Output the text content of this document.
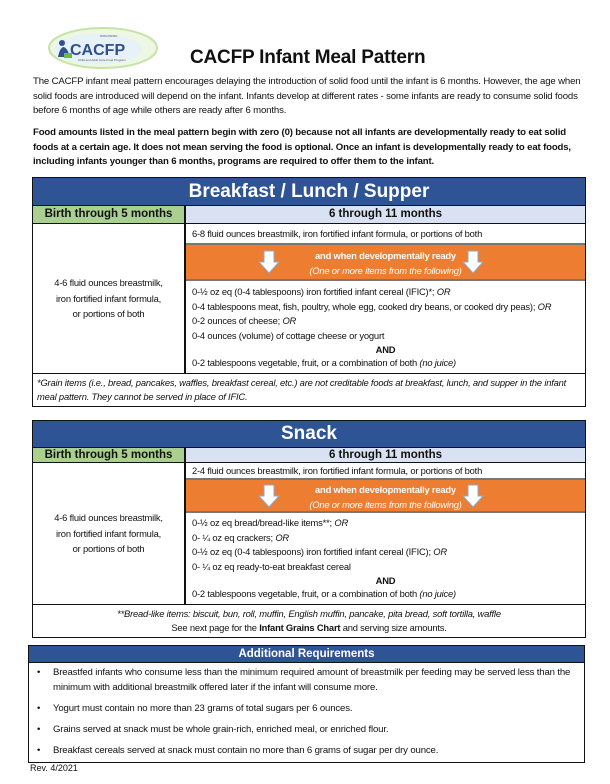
CACFP
WISCONSIN
Child and Adult Care Food Program	CACFP Infant Meal Pattern
The CACFP infant meal pattern encourages delaying the introduction of solid food until the infant is 6 months. However, the age when solid foods are introduced will depend on the infant. Infants develop at different rates - some infants are ready to consume solid foods before 6 months of age while others are ready after 6 months.
Food amounts listed in the meal pattern begin with zero (0) because not all infants are developmentally ready to eat solid foods at a certain age. It does not mean serving the food is optional. Once an infant is developmentally ready to eat foods, including infants younger than 6 months, programs are required to offer them to the infant.
Breakfast / Lunch / Supper
Birth through 5 months	6 through 11 months
4-6 fluid ounces breastmilk,
iron fortified infant formula,
or portions of both
6-8 fluid ounces breastmilk, iron fortified infant formula, or portions of both
and when developmentally ready
(One or more items from the following)
0-½ oz eq (0-4 tablespoons) iron fortified infant cereal (IFIC)*; OR
0-4 tablespoons meat, fish, poultry, whole egg, cooked dry beans, or cooked dry peas); OR
0-2 ounces of cheese; OR
0-4 ounces (volume) of cottage cheese or yogurt
AND
0-2 tablespoons vegetable, fruit, or a combination of both (no juice)
*Grain items (i.e., bread, pancakes, waffles, breakfast cereal, etc.) are not creditable foods at breakfast, lunch, and supper in the infant meal pattern. They cannot be served in place of IFIC.
Snack
Birth through 5 months	6 through 11 months
4-6 fluid ounces breastmilk,
iron fortified infant formula,
or portions of both
2-4 fluid ounces breastmilk, iron fortified infant formula, or portions of both
and when developmentally ready
(One or more items from the following)
0-½ oz eq bread/bread-like items**; OR
0- ¼ oz eq crackers; OR
0-½ oz eq (0-4 tablespoons) iron fortified infant cereal (IFIC); OR
0- ¼ oz eq ready-to-eat breakfast cereal
AND
0-2 tablespoons vegetable, fruit, or a combination of both (no juice)
**Bread-like items: biscuit, bun, roll, muffin, English muffin, pancake, pita bread, soft tortilla, waffle
See next page for the Infant Grains Chart and serving size amounts.
Additional Requirements
• Breastfed infants who consume less than the minimum required amount of breastmilk per feeding may be served less than the minimum with additional breastmilk offered later if the infant will consume more.
• Yogurt must contain no more than 23 grams of total sugars per 6 ounces.
• Grains served at snack must be whole grain-rich, enriched meal, or enriched flour.
• Breakfast cereals served at snack must contain no more than 6 grams of sugar per dry ounce.
Rev. 4/2021
